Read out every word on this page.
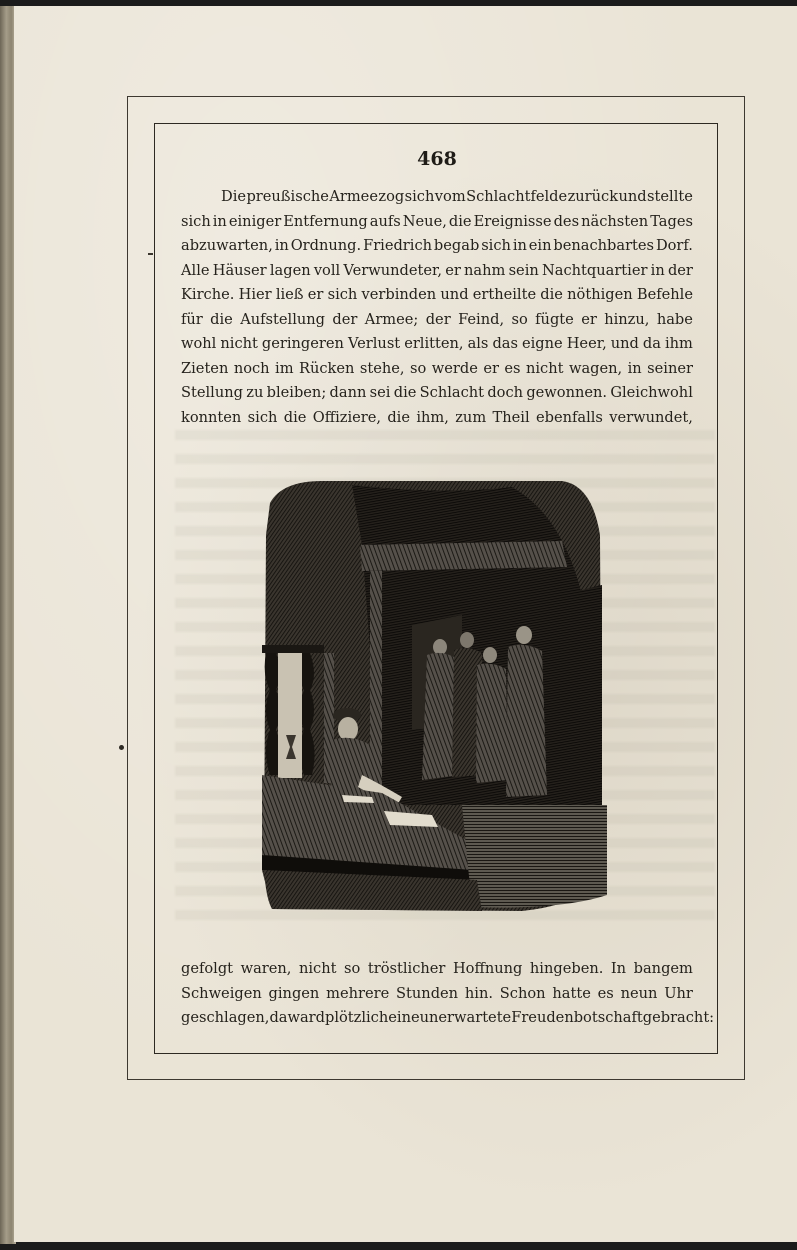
468
Die preußische Armee zog sich vom Schlachtfelde zurück und stellte
sich in einiger Entfernung aufs Neue, die Ereignisse des nächsten Tages
abzuwarten, in Ordnung. Friedrich begab sich in ein benachbartes Dorf.
Alle Häuser lagen voll Verwundeter, er nahm sein Nachtquartier in der
Kirche. Hier ließ er sich verbinden und ertheilte die nöthigen Befehle
für die Aufstellung der Armee; der Feind, so fügte er hinzu, habe
wohl nicht geringeren Verlust erlitten, als das eigne Heer, und da ihm
Zieten noch im Rücken stehe, so werde er es nicht wagen, in seiner
Stellung zu bleiben; dann sei die Schlacht doch gewonnen. Gleichwohl
konnten sich die Offiziere, die ihm, zum Theil ebenfalls verwundet,
gefolgt waren, nicht so tröstlicher Hoffnung hingeben. In bangem
Schweigen gingen mehrere Stunden hin. Schon hatte es neun Uhr
geschlagen, da ward plötzlich eine unerwartete Freudenbotschaft gebracht:
